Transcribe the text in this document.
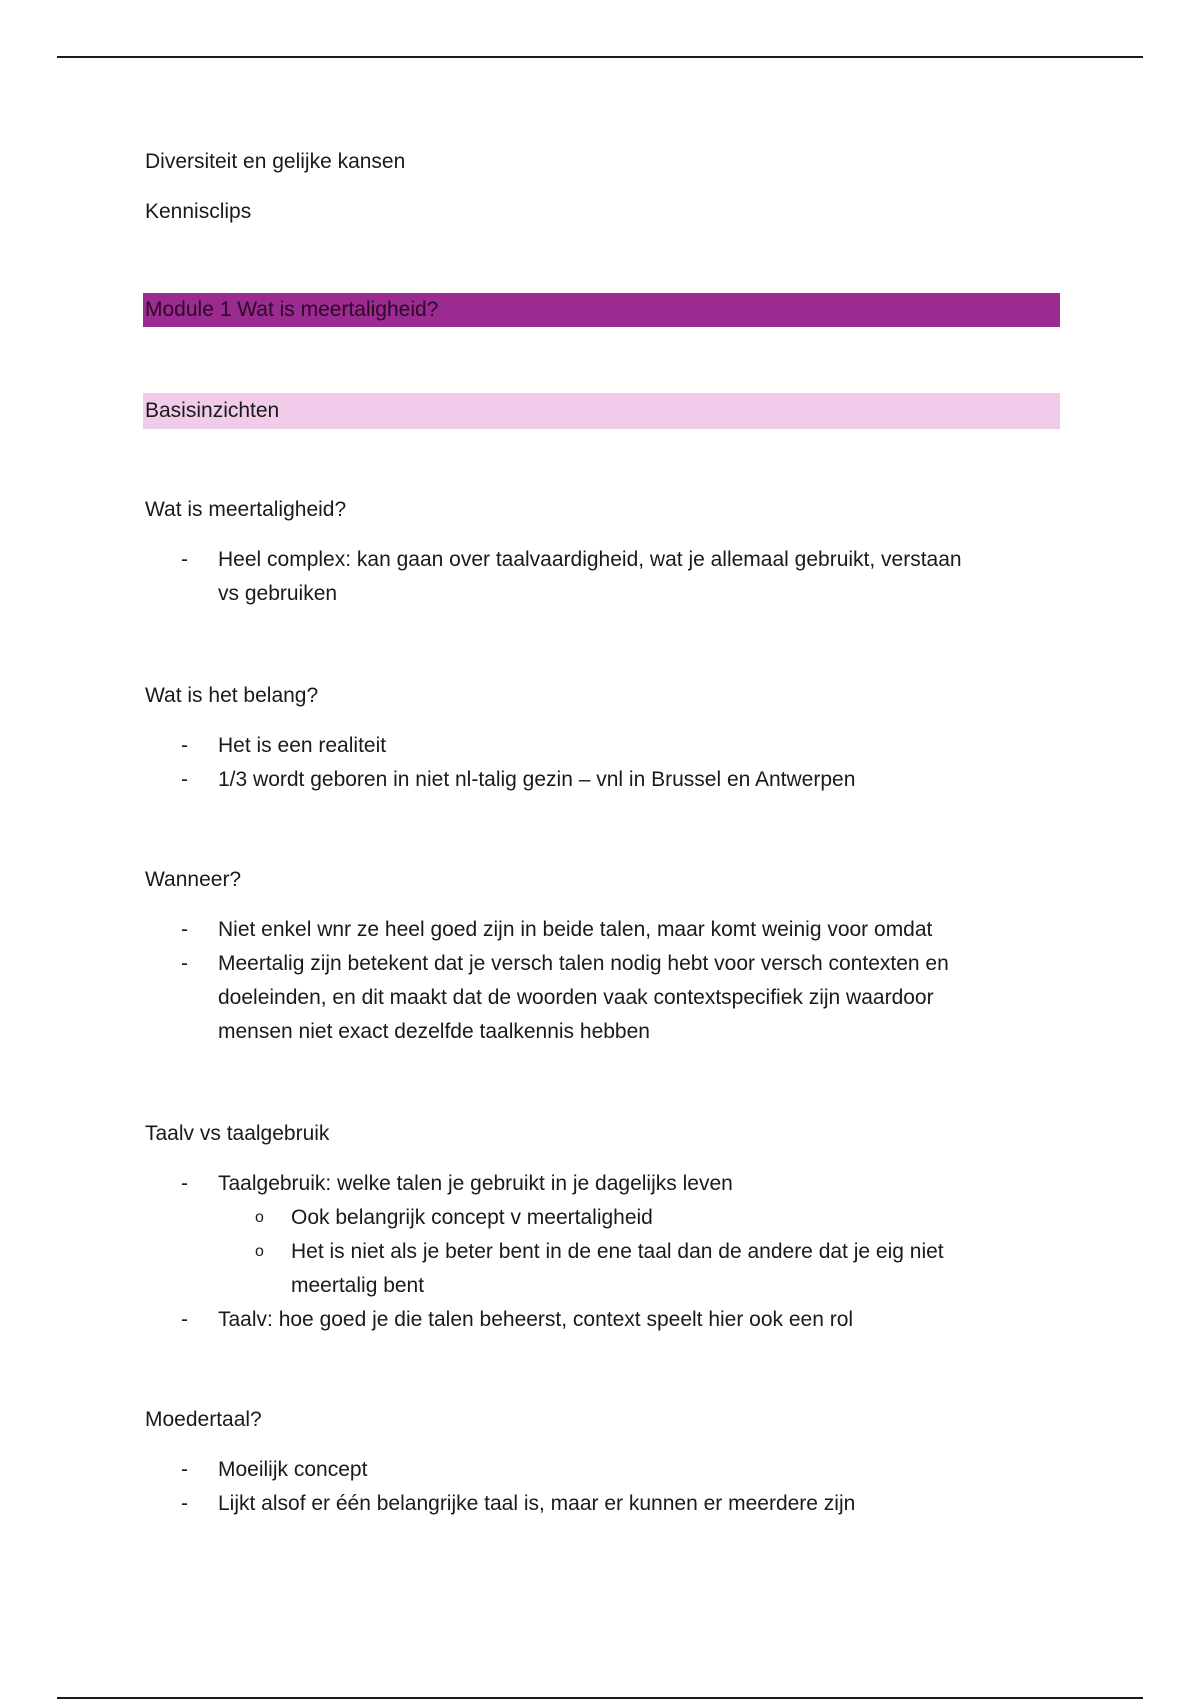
Diversiteit en gelijke kansen
Kennisclips
Module 1 Wat is meertaligheid?
Basisinzichten
Wat is meertaligheid?
- Heel complex: kan gaan over taalvaardigheid, wat je allemaal gebruikt, verstaan
vs gebruiken
Wat is het belang?
- Het is een realiteit
- 1/3 wordt geboren in niet nl-talig gezin – vnl in Brussel en Antwerpen
Wanneer?
- Niet enkel wnr ze heel goed zijn in beide talen, maar komt weinig voor omdat
- Meertalig zijn betekent dat je versch talen nodig hebt voor versch contexten en
doeleinden, en dit maakt dat de woorden vaak contextspecifiek zijn waardoor
mensen niet exact dezelfde taalkennis hebben
Taalv vs taalgebruik
- Taalgebruik: welke talen je gebruikt in je dagelijks leven
o Ook belangrijk concept v meertaligheid
o Het is niet als je beter bent in de ene taal dan de andere dat je eig niet
meertalig bent
- Taalv: hoe goed je die talen beheerst, context speelt hier ook een rol
Moedertaal?
- Moeilijk concept
- Lijkt alsof er één belangrijke taal is, maar er kunnen er meerdere zijn
